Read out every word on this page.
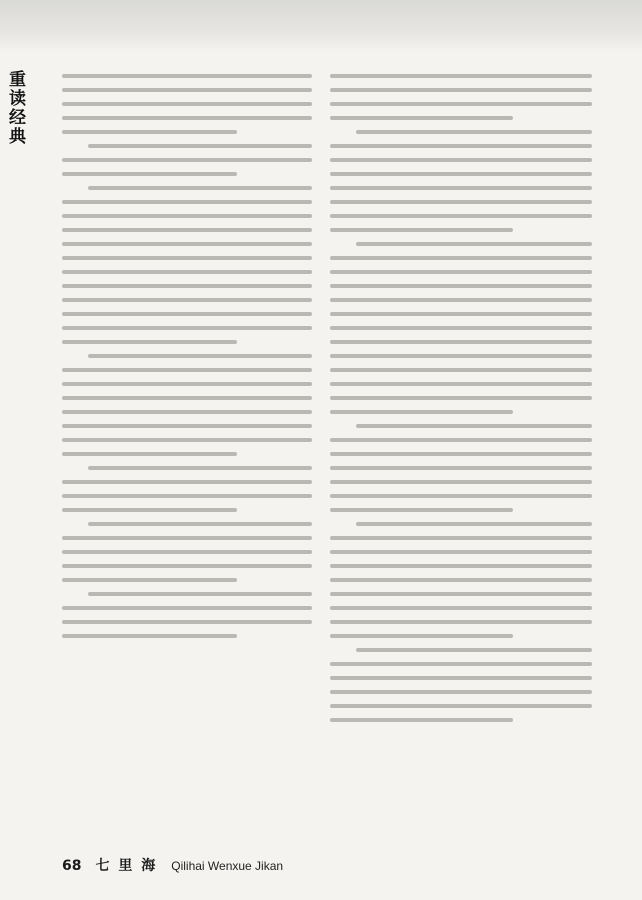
重读经典
68 七 里 海 Qilihai Wenxue Jikan
